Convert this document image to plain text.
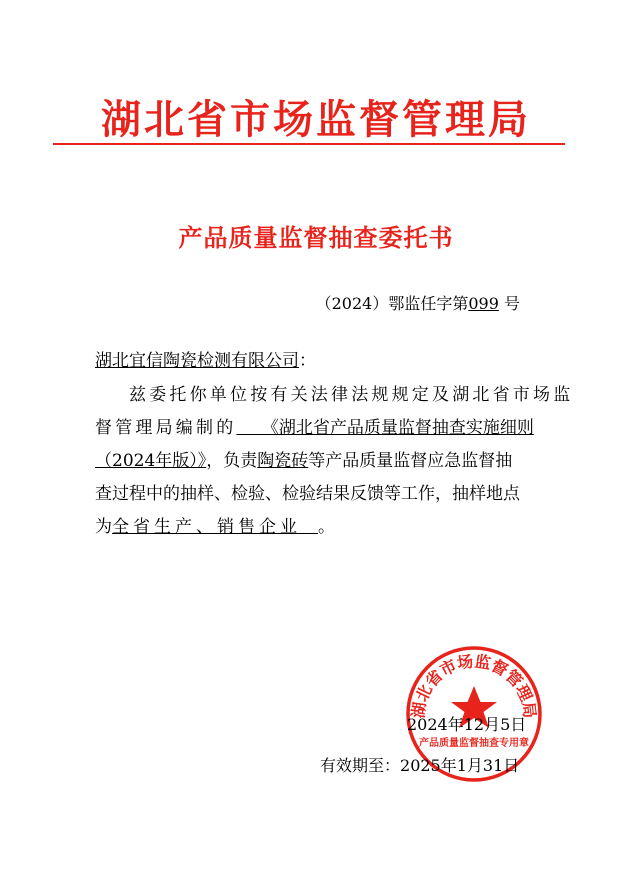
湖北省市场监督管理局
产品质量监督抽查委托书
（2024）鄂监任字第099 号
湖北宜信陶瓷检测有限公司：
兹委托你单位按有关法律法规规定及湖北省市场监
督管理局编制的   《湖北省产品质量监督抽查实施细则
（2024年版）》，负责陶瓷砖等产品质量监督应急监督抽
查过程中的抽样、检验、检验结果反馈等工作，抽样地点
为全省生产、销售企业   。
湖北省市场监督管理局
产品质量监督抽查专用章
2024年12月5日
有效期至：2025年1月31日
